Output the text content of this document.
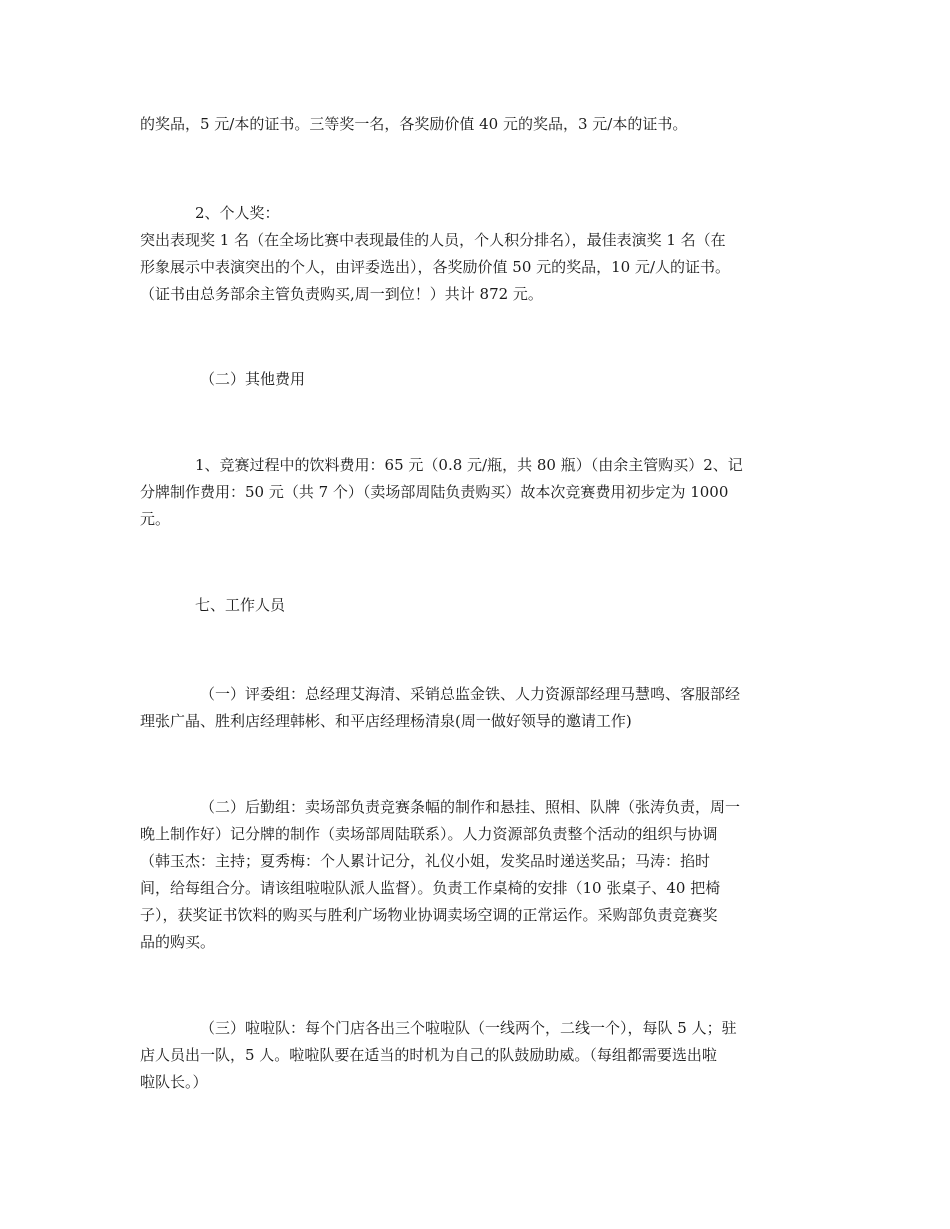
的奖品，5 元/本的证书。三等奖一名，各奖励价值 40 元的奖品，3 元/本的证书。
2、个人奖：
突出表现奖 1 名（在全场比赛中表现最佳的人员，个人积分排名），最佳表演奖 1 名（在
形象展示中表演突出的个人，由评委选出），各奖励价值 50 元的奖品，10 元/人的证书。
（证书由总务部余主管负责购买,周一到位！）共计 872 元。
（二）其他费用
1、竞赛过程中的饮料费用：65 元（0.8 元/瓶，共 80 瓶）（由余主管购买）2、记
分牌制作费用：50 元（共 7 个）（卖场部周陆负责购买）故本次竞赛费用初步定为 1000
元。
七、工作人员
（一）评委组：总经理艾海清、采销总监金铁、人力资源部经理马慧鸣、客服部经
理张广晶、胜利店经理韩彬、和平店经理杨清泉(周一做好领导的邀请工作)
（二）后勤组：卖场部负责竞赛条幅的制作和悬挂、照相、队牌（张涛负责，周一
晚上制作好）记分牌的制作（卖场部周陆联系）。人力资源部负责整个活动的组织与协调
（韩玉杰：主持；夏秀梅：个人累计记分，礼仪小姐，发奖品时递送奖品；马涛：掐时
间，给每组合分。请该组啦啦队派人监督）。负责工作桌椅的安排（10 张桌子、40 把椅
子），获奖证书饮料的购买与胜利广场物业协调卖场空调的正常运作。采购部负责竞赛奖
品的购买。
（三）啦啦队：每个门店各出三个啦啦队（一线两个，二线一个），每队 5 人；驻
店人员出一队，5 人。啦啦队要在适当的时机为自己的队鼓励助威。（每组都需要选出啦
啦队长。）
